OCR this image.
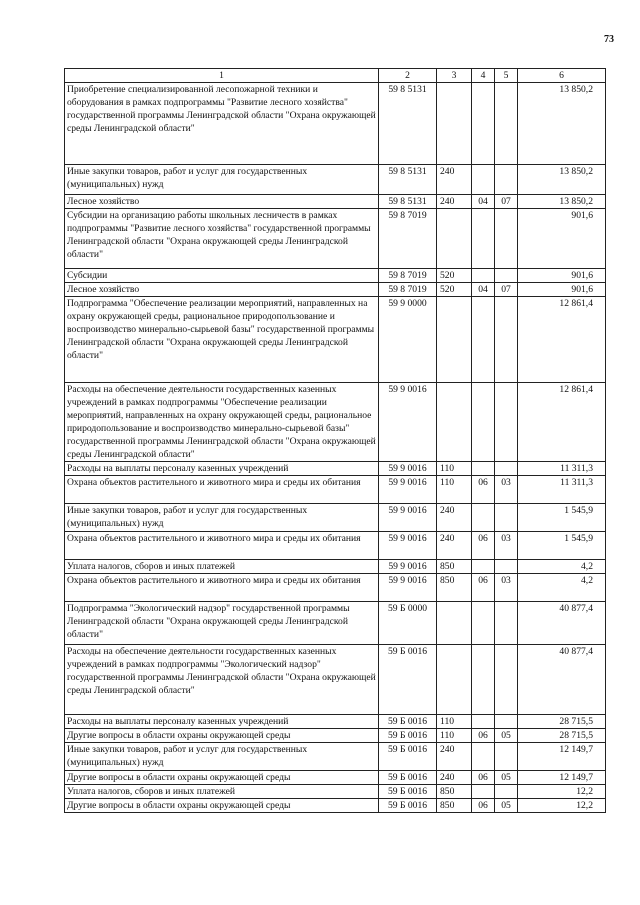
73
1	2	3	4	5	6
Приобретение специализированной лесопожарной техники и оборудования в рамках подпрограммы "Развитие лесного хозяйства" государственной программы Ленинградской области "Охрана окружающей среды Ленинградской области"	59 8 5131				13 850,2
Иные закупки товаров, работ и услуг для государственных (муниципальных) нужд	59 8 5131	240			13 850,2
Лесное хозяйство	59 8 5131	240	04	07	13 850,2
Субсидии на организацию работы школьных лесничеств в рамках подпрограммы "Развитие лесного хозяйства" государственной программы Ленинградской области "Охрана окружающей среды Ленинградской области"	59 8 7019				901,6
Субсидии	59 8 7019	520			901,6
Лесное хозяйство	59 8 7019	520	04	07	901,6
Подпрограмма "Обеспечение реализации мероприятий, направленных на охрану окружающей среды, рациональное природопользование и воспроизводство минерально-сырьевой базы" государственной программы Ленинградской области "Охрана окружающей среды Ленинградской области"	59 9 0000				12 861,4
Расходы на обеспечение деятельности государственных казенных учреждений в рамках подпрограммы "Обеспечение реализации мероприятий, направленных на охрану окружающей среды, рациональное природопользование и воспроизводство минерально-сырьевой базы" государственной программы Ленинградской области "Охрана окружающей среды Ленинградской области"	59 9 0016				12 861,4
Расходы на выплаты персоналу казенных учреждений	59 9 0016	110			11 311,3
Охрана объектов растительного и животного мира и среды их обитания	59 9 0016	110	06	03	11 311,3
Иные закупки товаров, работ и услуг для государственных (муниципальных) нужд	59 9 0016	240			1 545,9
Охрана объектов растительного и животного мира и среды их обитания	59 9 0016	240	06	03	1 545,9
Уплата налогов, сборов и иных платежей	59 9 0016	850			4,2
Охрана объектов растительного и животного мира и среды их обитания	59 9 0016	850	06	03	4,2
Подпрограмма "Экологический надзор" государственной программы Ленинградской области "Охрана окружающей среды Ленинградской области"	59 Б 0000				40 877,4
Расходы на обеспечение деятельности государственных казенных учреждений в рамках подпрограммы "Экологический надзор" государственной программы Ленинградской области "Охрана окружающей среды Ленинградской области"	59 Б 0016				40 877,4
Расходы на выплаты персоналу казенных учреждений	59 Б 0016	110			28 715,5
Другие вопросы в области охраны окружающей среды	59 Б 0016	110	06	05	28 715,5
Иные закупки товаров, работ и услуг для государственных (муниципальных) нужд	59 Б 0016	240			12 149,7
Другие вопросы в области охраны окружающей среды	59 Б 0016	240	06	05	12 149,7
Уплата налогов, сборов и иных платежей	59 Б 0016	850			12,2
Другие вопросы в области охраны окружающей среды	59 Б 0016	850	06	05	12,2
